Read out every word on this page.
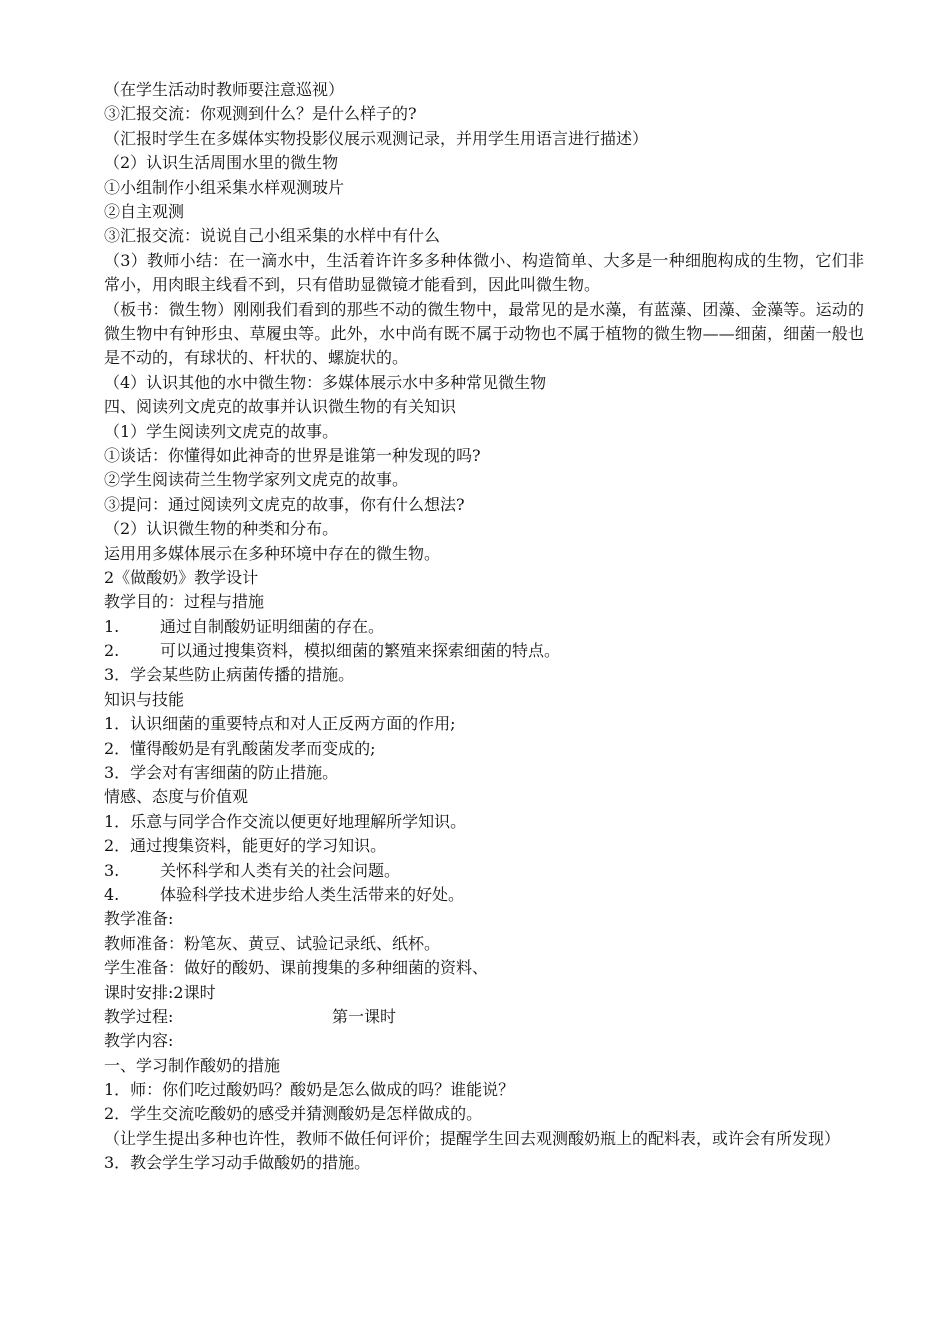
（在学生活动时教师要注意巡视）
③汇报交流：你观测到什么？是什么样子的?
（汇报时学生在多媒体实物投影仪展示观测记录，并用学生用语言进行描述）
（2）认识生活周围水里的微生物
①小组制作小组采集水样观测玻片
②自主观测
③汇报交流：说说自己小组采集的水样中有什么
（3）教师小结：在一滴水中，生活着许许多多种体微小、构造简单、大多是一种细胞构成的生物，它们非常小，用肉眼主线看不到，只有借助显微镜才能看到，因此叫微生物。
（板书：微生物）刚刚我们看到的那些不动的微生物中，最常见的是水藻，有蓝藻、团藻、金藻等。运动的微生物中有钟形虫、草履虫等。此外，水中尚有既不属于动物也不属于植物的微生物——细菌，细菌一般也是不动的，有球状的、杆状的、螺旋状的。
（4）认识其他的水中微生物：多媒体展示水中多种常见微生物
四、阅读列文虎克的故事并认识微生物的有关知识
（1）学生阅读列文虎克的故事。
①谈话：你懂得如此神奇的世界是谁第一种发现的吗?
②学生阅读荷兰生物学家列文虎克的故事。
③提问：通过阅读列文虎克的故事，你有什么想法?
（2）认识微生物的种类和分布。
运用用多媒体展示在多种环境中存在的微生物。
2《做酸奶》教学设计
教学目的：过程与措施
1.	通过自制酸奶证明细菌的存在。
2.	可以通过搜集资料，模拟细菌的繁殖来探索细菌的特点。
3．学会某些防止病菌传播的措施。
知识与技能
1．认识细菌的重要特点和对人正反两方面的作用;
2．懂得酸奶是有乳酸菌发孝而变成的;
3．学会对有害细菌的防止措施。
情感、态度与价值观
1．乐意与同学合作交流以便更好地理解所学知识。
2．通过搜集资料，能更好的学习知识。
3.	关怀科学和人类有关的社会问题。
4.	体验科学技术进步给人类生活带来的好处。
教学准备:
教师准备：粉笔灰、黄豆、试验记录纸、纸杯。
学生准备：做好的酸奶、课前搜集的多种细菌的资料、
课时安排:2课时
教学过程:	第一课时
教学内容:
一、学习制作酸奶的措施
1．师：你们吃过酸奶吗？酸奶是怎么做成的吗？谁能说？
2．学生交流吃酸奶的感受并猜测酸奶是怎样做成的。
（让学生提出多种也许性，教师不做任何评价；提醒学生回去观测酸奶瓶上的配料表，或许会有所发现）
3．教会学生学习动手做酸奶的措施。
